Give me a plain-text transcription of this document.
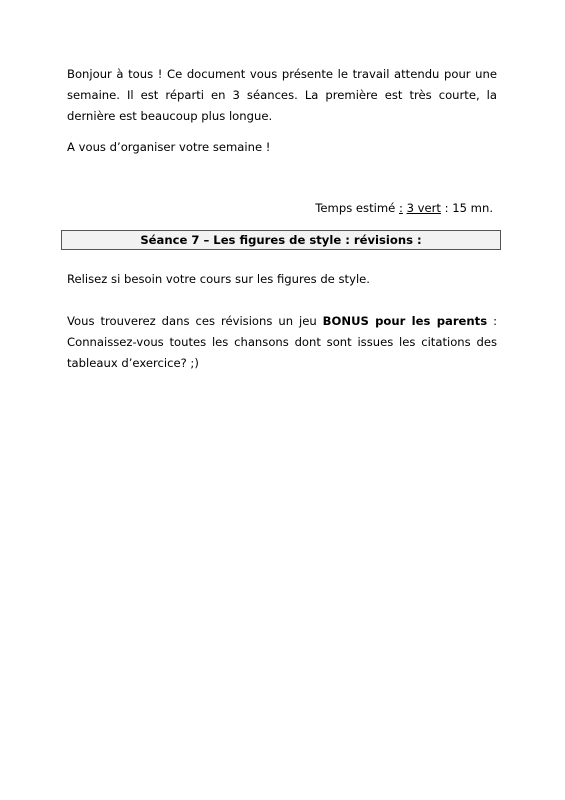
Bonjour à tous ! Ce document vous présente le travail attendu pour une semaine. Il est réparti en 3 séances. La première est très courte, la dernière est beaucoup plus longue.

A vous d’organiser votre semaine !

Temps estimé : 3 vert : 15 mn.
Séance 7 – Les figures de style : révisions :

Relisez si besoin votre cours sur les figures de style.

Vous trouverez dans ces révisions un jeu BONUS pour les parents : Connaissez-vous toutes les chansons dont sont issues les citations des tableaux d’exercice? ;)
